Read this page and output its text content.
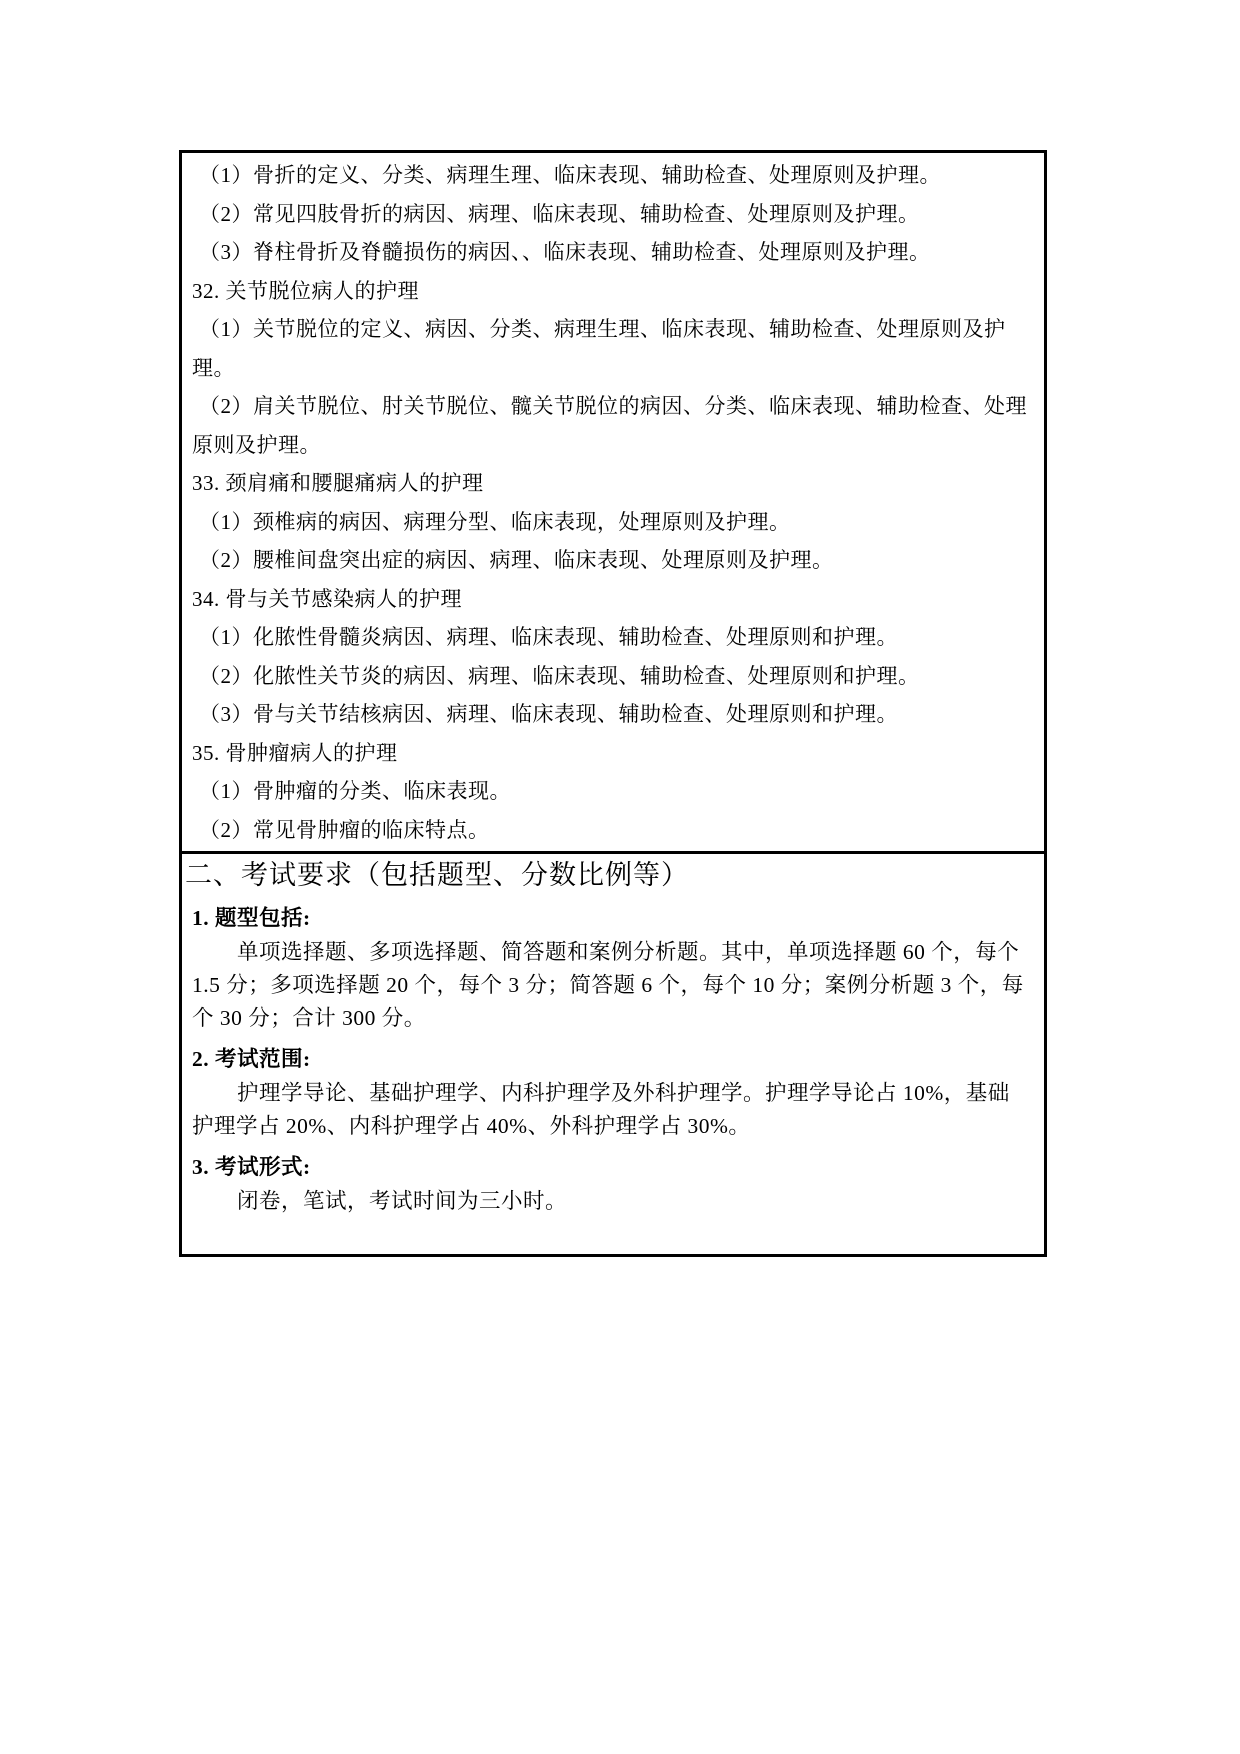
（1）骨折的定义、分类、病理生理、临床表现、辅助检查、处理原则及护理。

（2）常见四肢骨折的病因、病理、临床表现、辅助检查、处理原则及护理。

（3）脊柱骨折及脊髓损伤的病因、、临床表现、辅助检查、处理原则及护理。

32. 关节脱位病人的护理

（1）关节脱位的定义、病因、分类、病理生理、临床表现、辅助检查、处理原则及护理。

（2）肩关节脱位、肘关节脱位、髋关节脱位的病因、分类、临床表现、辅助检查、处理原则及护理。

33. 颈肩痛和腰腿痛病人的护理

（1）颈椎病的病因、病理分型、临床表现，处理原则及护理。

（2）腰椎间盘突出症的病因、病理、临床表现、处理原则及护理。

34. 骨与关节感染病人的护理

（1）化脓性骨髓炎病因、病理、临床表现、辅助检查、处理原则和护理。

（2）化脓性关节炎的病因、病理、临床表现、辅助检查、处理原则和护理。

（3）骨与关节结核病因、病理、临床表现、辅助检查、处理原则和护理。

35. 骨肿瘤病人的护理

（1）骨肿瘤的分类、临床表现。

（2）常见骨肿瘤的临床特点。

二、考试要求（包括题型、分数比例等）

1. 题型包括:

单项选择题、多项选择题、简答题和案例分析题。其中，单项选择题 60 个，每个 1.5 分；多项选择题 20 个，每个 3 分；简答题 6 个，每个 10 分；案例分析题 3 个，每个 30 分；合计 300 分。

2. 考试范围:

护理学导论、基础护理学、内科护理学及外科护理学。护理学导论占 10%，基础护理学占 20%、内科护理学占 40%、外科护理学占 30%。

3. 考试形式:

闭卷，笔试，考试时间为三小时。
